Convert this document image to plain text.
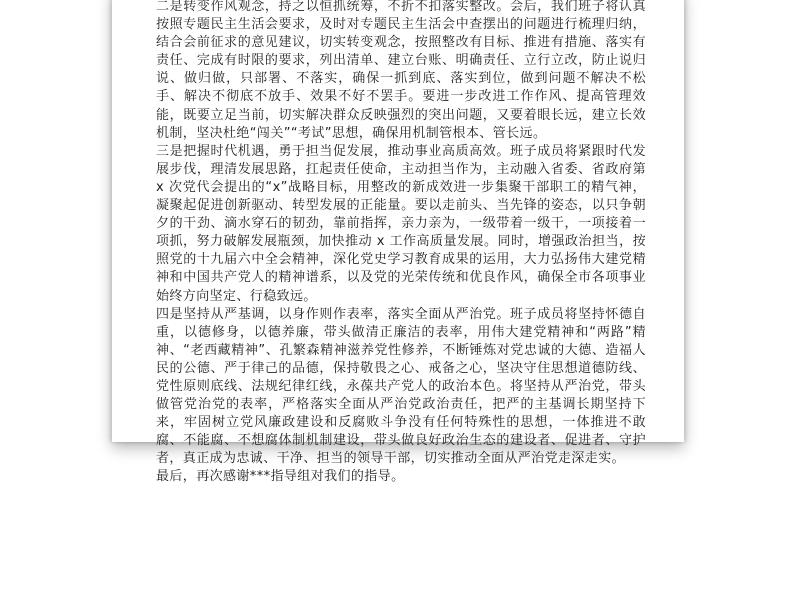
二是转变作风观念，持之以恒抓统筹，不折不扣落实整改。会后，我们班子将认真按照专题民主生活会要求，及时对专题民主生活会中查摆出的问题进行梳理归纳，结合会前征求的意见建议，切实转变观念，按照整改有目标、推进有措施、落实有责任、完成有时限的要求，列出清单、建立台账、明确责任、立行立改，防止说归说、做归做，只部署、不落实，确保一抓到底、落实到位，做到问题不解决不松手、解决不彻底不放手、效果不好不罢手。要进一步改进工作作风、提高管理效能，既要立足当前，切实解决群众反映强烈的突出问题，又要着眼长远，建立长效机制，坚决杜绝“闯关”“考试”思想，确保用机制管根本、管长远。

三是把握时代机遇，勇于担当促发展，推动事业高质高效。班子成员将紧跟时代发展步伐，理清发展思路，扛起责任使命，主动担当作为，主动融入省委、省政府第 x 次党代会提出的“x”战略目标，用整改的新成效进一步集聚干部职工的精气神，凝聚起促进创新驱动、转型发展的正能量。要以走前头、当先锋的姿态，以只争朝夕的干劲、滴水穿石的韧劲，靠前指挥，亲力亲为，一级带着一级干，一项接着一项抓，努力破解发展瓶颈，加快推动 x 工作高质量发展。同时，增强政治担当，按照党的十九届六中全会精神，深化党史学习教育成果的运用，大力弘扬伟大建党精神和中国共产党人的精神谱系，以及党的光荣传统和优良作风，确保全市各项事业始终方向坚定、行稳致远。

四是坚持从严基调，以身作则作表率，落实全面从严治党。班子成员将坚持怀德自重，以德修身，以德养廉，带头做清正廉洁的表率，用伟大建党精神和“两路”精神、“老西藏精神”、孔繁森精神滋养党性修养，不断锤炼对党忠诚的大德、造福人民的公德、严于律己的品德，保持敬畏之心、戒备之心，坚决守住思想道德防线、党性原则底线、法规纪律红线，永葆共产党人的政治本色。将坚持从严治党，带头做管党治党的表率，严格落实全面从严治党政治责任，把严的主基调长期坚持下来，牢固树立党风廉政建设和反腐败斗争没有任何特殊性的思想，一体推进不敢腐、不能腐、不想腐体制机制建设，带头做良好政治生态的建设者、促进者、守护者，真正成为忠诚、干净、担当的领导干部，切实推动全面从严治党走深走实。

最后，再次感谢***指导组对我们的指导。
